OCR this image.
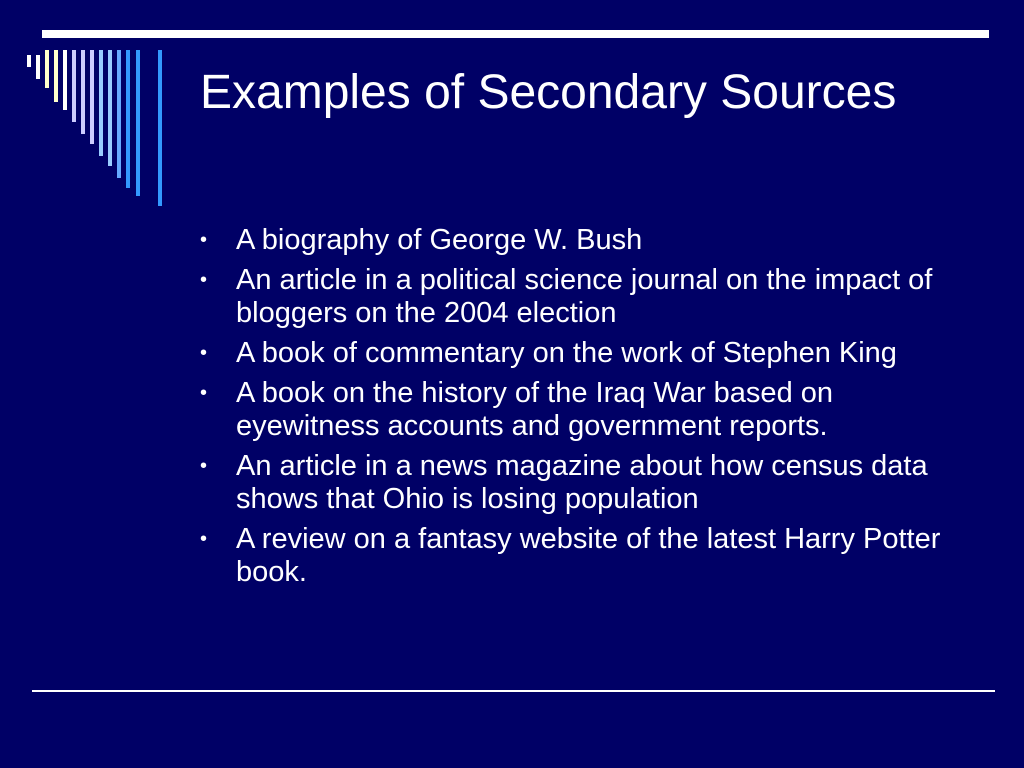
Examples of Secondary Sources
• A biography of George W. Bush
• An article in a political science journal on the impact of bloggers on the 2004 election
• A book of commentary on the work of Stephen King
• A book on the history of the Iraq War based on eyewitness accounts and government reports.
• An article in a news magazine about how census data shows that Ohio is losing population
• A review on a fantasy website of the latest Harry Potter book.
